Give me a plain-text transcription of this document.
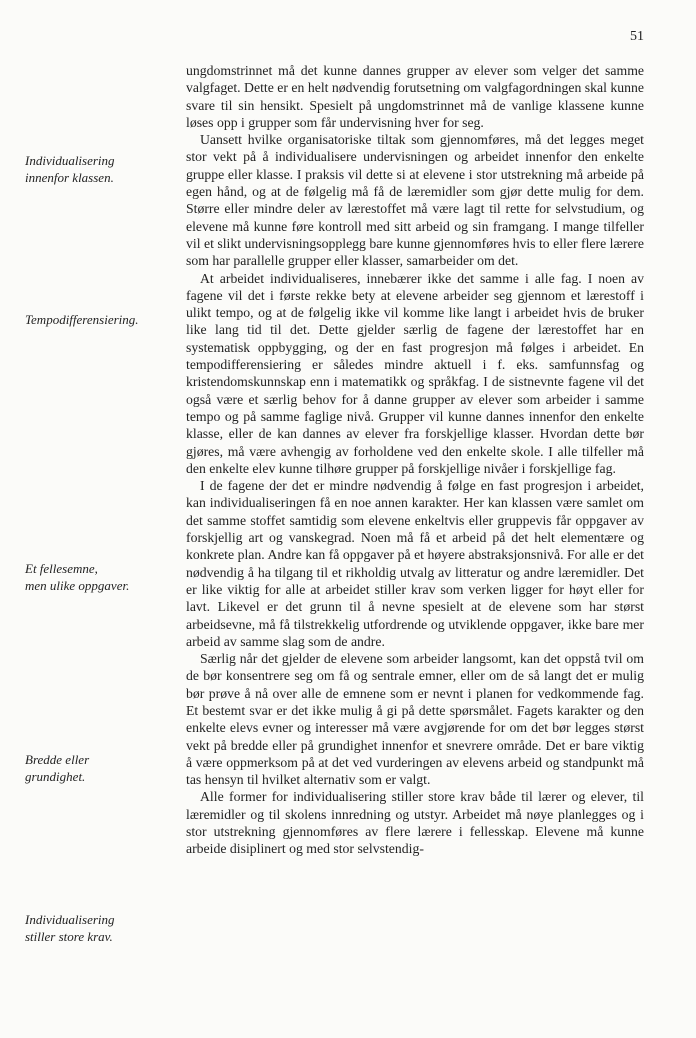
51
Individualisering
innenfor klassen.
Tempodifferensiering.
Et fellesemne,
men ulike oppgaver.
Bredde eller
grundighet.
Individualisering
stiller store krav.

ungdomstrinnet må det kunne dannes grupper av elever som velger det samme valgfaget. Dette er en helt nødvendig forutsetning om valgfagordningen skal kunne svare til sin hensikt. Spesielt på ungdomstrinnet må de vanlige klassene kunne løses opp i grupper som får undervisning hver for seg.

Uansett hvilke organisatoriske tiltak som gjennomføres, må det legges meget stor vekt på å individualisere undervisningen og arbeidet innenfor den enkelte gruppe eller klasse. I praksis vil dette si at elevene i stor utstrekning må arbeide på egen hånd, og at de følgelig må få de læremidler som gjør dette mulig for dem. Større eller mindre deler av lærestoffet må være lagt til rette for selvstudium, og elevene må kunne føre kontroll med sitt arbeid og sin framgang. I mange tilfeller vil et slikt undervisningsopplegg bare kunne gjennomføres hvis to eller flere lærere som har parallelle grupper eller klasser, samarbeider om det.

At arbeidet individualiseres, innebærer ikke det samme i alle fag. I noen av fagene vil det i første rekke bety at elevene arbeider seg gjennom et lærestoff i ulikt tempo, og at de følgelig ikke vil komme like langt i arbeidet hvis de bruker like lang tid til det. Dette gjelder særlig de fagene der lærestoffet har en systematisk oppbygging, og der en fast progresjon må følges i arbeidet. En tempodifferensiering er således mindre aktuell i f. eks. samfunnsfag og kristendomskunnskap enn i matematikk og språkfag. I de sistnevnte fagene vil det også være et særlig behov for å danne grupper av elever som arbeider i samme tempo og på samme faglige nivå. Grupper vil kunne dannes innenfor den enkelte klasse, eller de kan dannes av elever fra forskjellige klasser. Hvordan dette bør gjøres, må være avhengig av forholdene ved den enkelte skole. I alle tilfeller må den enkelte elev kunne tilhøre grupper på forskjellige nivåer i forskjellige fag.

I de fagene der det er mindre nødvendig å følge en fast progresjon i arbeidet, kan individualiseringen få en noe annen karakter. Her kan klassen være samlet om det samme stoffet samtidig som elevene enkeltvis eller gruppevis får oppgaver av forskjellig art og vanskegrad. Noen må få et arbeid på det helt elementære og konkrete plan. Andre kan få oppgaver på et høyere abstraksjonsnivå. For alle er det nødvendig å ha tilgang til et rikholdig utvalg av litteratur og andre læremidler. Det er like viktig for alle at arbeidet stiller krav som verken ligger for høyt eller for lavt. Likevel er det grunn til å nevne spesielt at de elevene som har størst arbeidsevne, må få tilstrekkelig utfordrende og utviklende oppgaver, ikke bare mer arbeid av samme slag som de andre.

Særlig når det gjelder de elevene som arbeider langsomt, kan det oppstå tvil om de bør konsentrere seg om få og sentrale emner, eller om de så langt det er mulig bør prøve å nå over alle de emnene som er nevnt i planen for vedkommende fag. Et bestemt svar er det ikke mulig å gi på dette spørsmålet. Fagets karakter og den enkelte elevs evner og interesser må være avgjørende for om det bør legges størst vekt på bredde eller på grundighet innenfor et snevrere område. Det er bare viktig å være oppmerksom på at det ved vurderingen av elevens arbeid og standpunkt må tas hensyn til hvilket alternativ som er valgt.

Alle former for individualisering stiller store krav både til lærer og elever, til læremidler og til skolens innredning og utstyr. Arbeidet må nøye planlegges og i stor utstrekning gjennomføres av flere lærere i fellesskap. Elevene må kunne arbeide disiplinert og med stor selvstendig-
